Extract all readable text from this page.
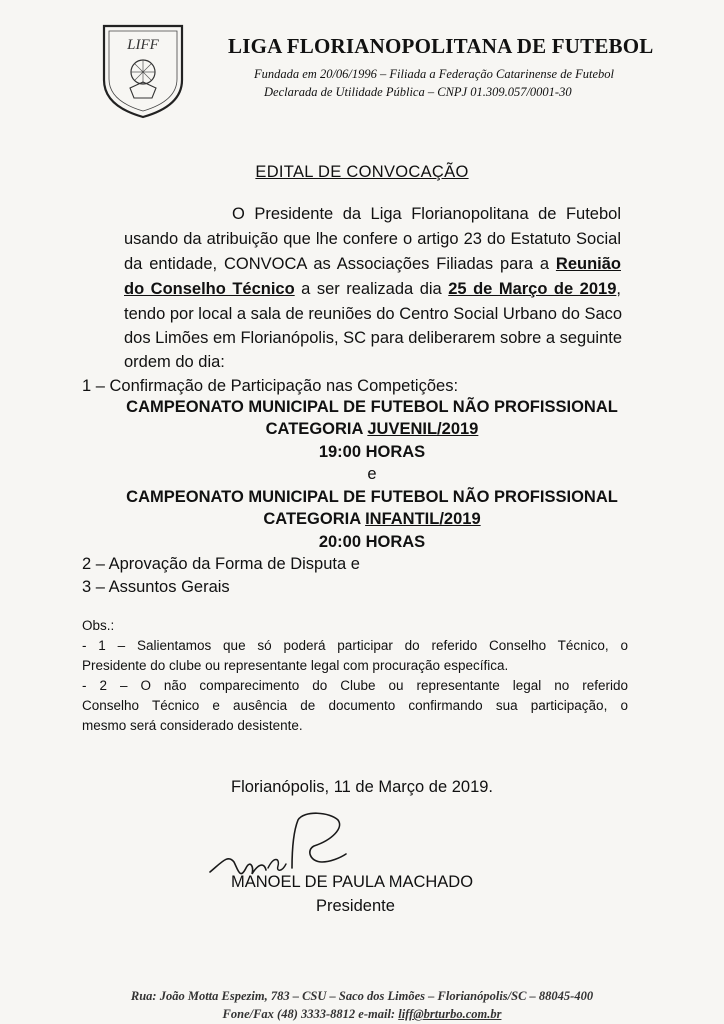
LIFF	LIGA FLORIANOPOLITANA DE FUTEBOL
Fundada em 20/06/1996 – Filiada a Federação Catarinense de Futebol
Declarada de Utilidade Pública – CNPJ 01.309.057/0001-30
EDITAL DE CONVOCAÇÃO
O Presidente da Liga Florianopolitana de Futebol
usando da atribuição que lhe confere o artigo 23 do Estatuto Social
da entidade, CONVOCA as Associações Filiadas para a Reunião
do Conselho Técnico a ser realizada dia 25 de Março de 2019,
tendo por local a sala de reuniões do Centro Social Urbano do Saco
dos Limões em Florianópolis, SC para deliberarem sobre a seguinte
ordem do dia:
1 – Confirmação de Participação nas Competições:
CAMPEONATO MUNICIPAL DE FUTEBOL NÃO PROFISSIONAL
CATEGORIA JUVENIL/2019
19:00 HORAS
e
CAMPEONATO MUNICIPAL DE FUTEBOL NÃO PROFISSIONAL
CATEGORIA INFANTIL/2019
20:00 HORAS
2 – Aprovação da Forma de Disputa e
3 – Assuntos Gerais
Obs.:
- 1 – Salientamos que só poderá participar do referido Conselho Técnico, o
Presidente do clube ou representante legal com procuração específica.
- 2 – O não comparecimento do Clube ou representante legal no referido
Conselho Técnico e ausência de documento confirmando sua participação, o
mesmo será considerado desistente.
Florianópolis, 11 de Março de 2019.
MANOEL DE PAULA MACHADO
Presidente
Rua: João Motta Espezim, 783 – CSU – Saco dos Limões – Florianópolis/SC – 88045-400
Fone/Fax (48) 3333-8812 e-mail: liff@brturbo.com.br
